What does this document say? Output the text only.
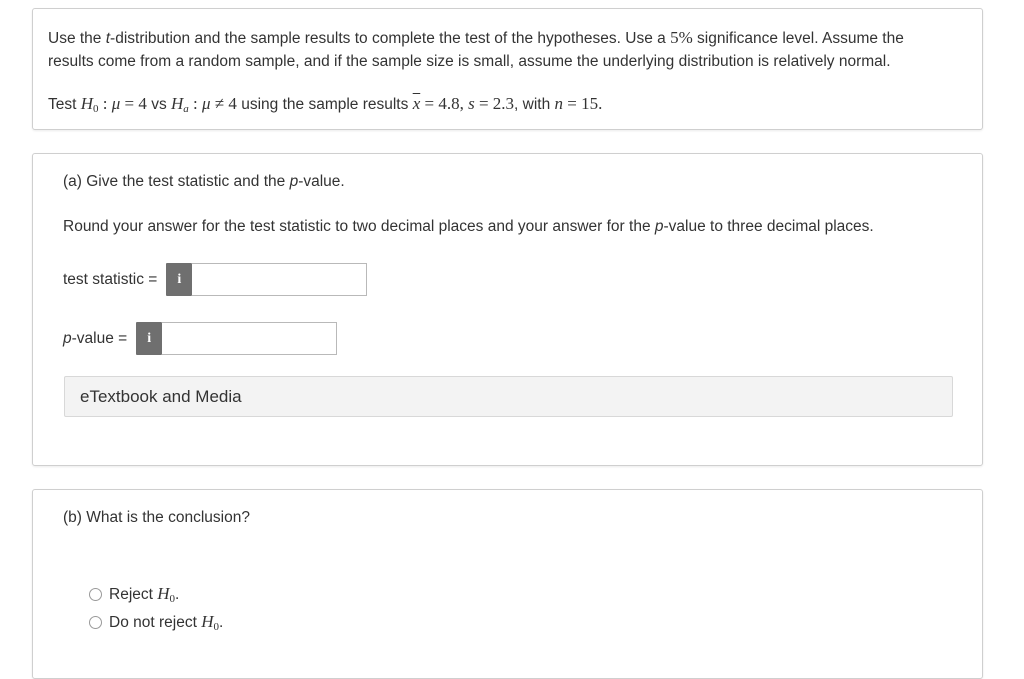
Use the t-distribution and the sample results to complete the test of the hypotheses. Use a 5% significance level. Assume the results come from a random sample, and if the sample size is small, assume the underlying distribution is relatively normal.
Test $H_0$ : μ = 4 vs $H_a$ : μ ≠ 4 using the sample results $\overline{x} = 4.8$, s = 2.3, with n = 15.
(a) Give the test statistic and the p-value.
Round your answer for the test statistic to two decimal places and your answer for the p-value to three decimal places.
test statistic = i
p-value = i
eTextbook and Media
(b) What is the conclusion?
Reject $H_0$.
Do not reject $H_0$.
